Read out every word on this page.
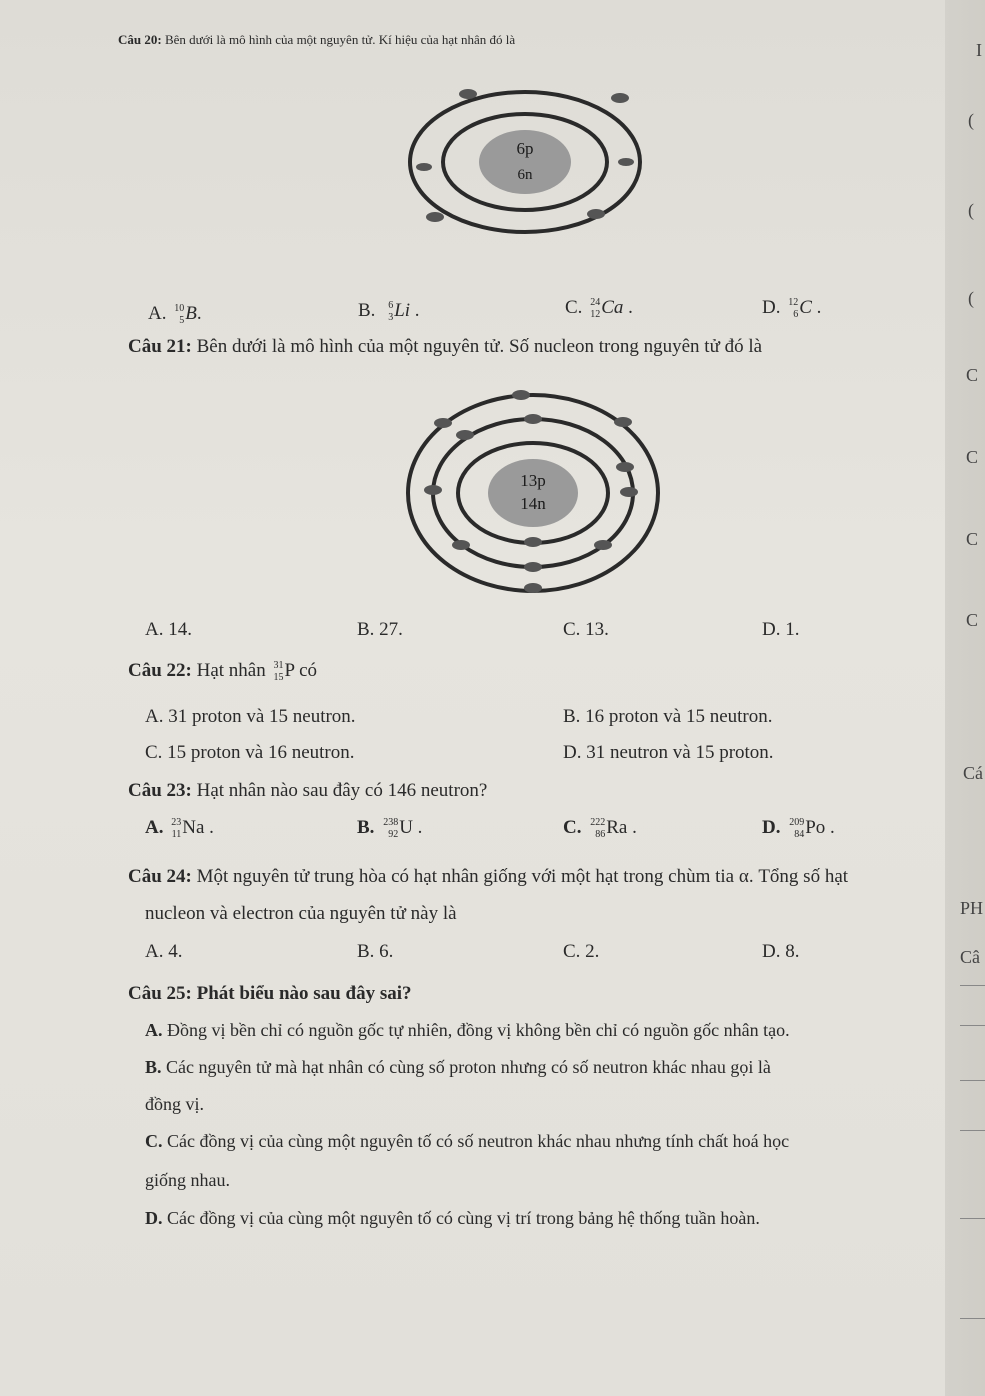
Câu 20: Bên dưới là mô hình của một nguyên tử. Kí hiệu của hạt nhân đó là
6p
6n
A. 10
5 B.	B. 6
3 Li .	C. 24
12 Ca .	D. 12
6 C .
Câu 21: Bên dưới là mô hình của một nguyên tử. Số nucleon trong nguyên tử đó là
13p
14n
A. 14.	B. 27.	C. 13.	D. 1.
Câu 22: Hạt nhân 31
15 P có
A. 31 proton và 15 neutron.	B. 16 proton và 15 neutron.
C. 15 proton và 16 neutron.	D. 31 neutron và 15 proton.
Câu 23: Hạt nhân nào sau đây có 146 neutron?
A. 23
11 Na .	B. 238
92 U .	C. 222
86 Ra .	D. 209
84 Po .
Câu 24: Một nguyên tử trung hòa có hạt nhân giống với một hạt trong chùm tia α. Tổng số hạt
nucleon và electron của nguyên tử này là
A. 4.	B. 6.	C. 2.	D. 8.
Câu 25: Phát biểu nào sau đây sai?
A. Đồng vị bền chỉ có nguồn gốc tự nhiên, đồng vị không bền chỉ có nguồn gốc nhân tạo.
B. Các nguyên tử mà hạt nhân có cùng số proton nhưng có số neutron khác nhau gọi là
đồng vị.
C. Các đồng vị của cùng một nguyên tố có số neutron khác nhau nhưng tính chất hoá học
giống nhau.
D. Các đồng vị của cùng một nguyên tố có cùng vị trí trong bảng hệ thống tuần hoàn.
I
(
(
(
C
C
C
C
Cá
PH
Câ
